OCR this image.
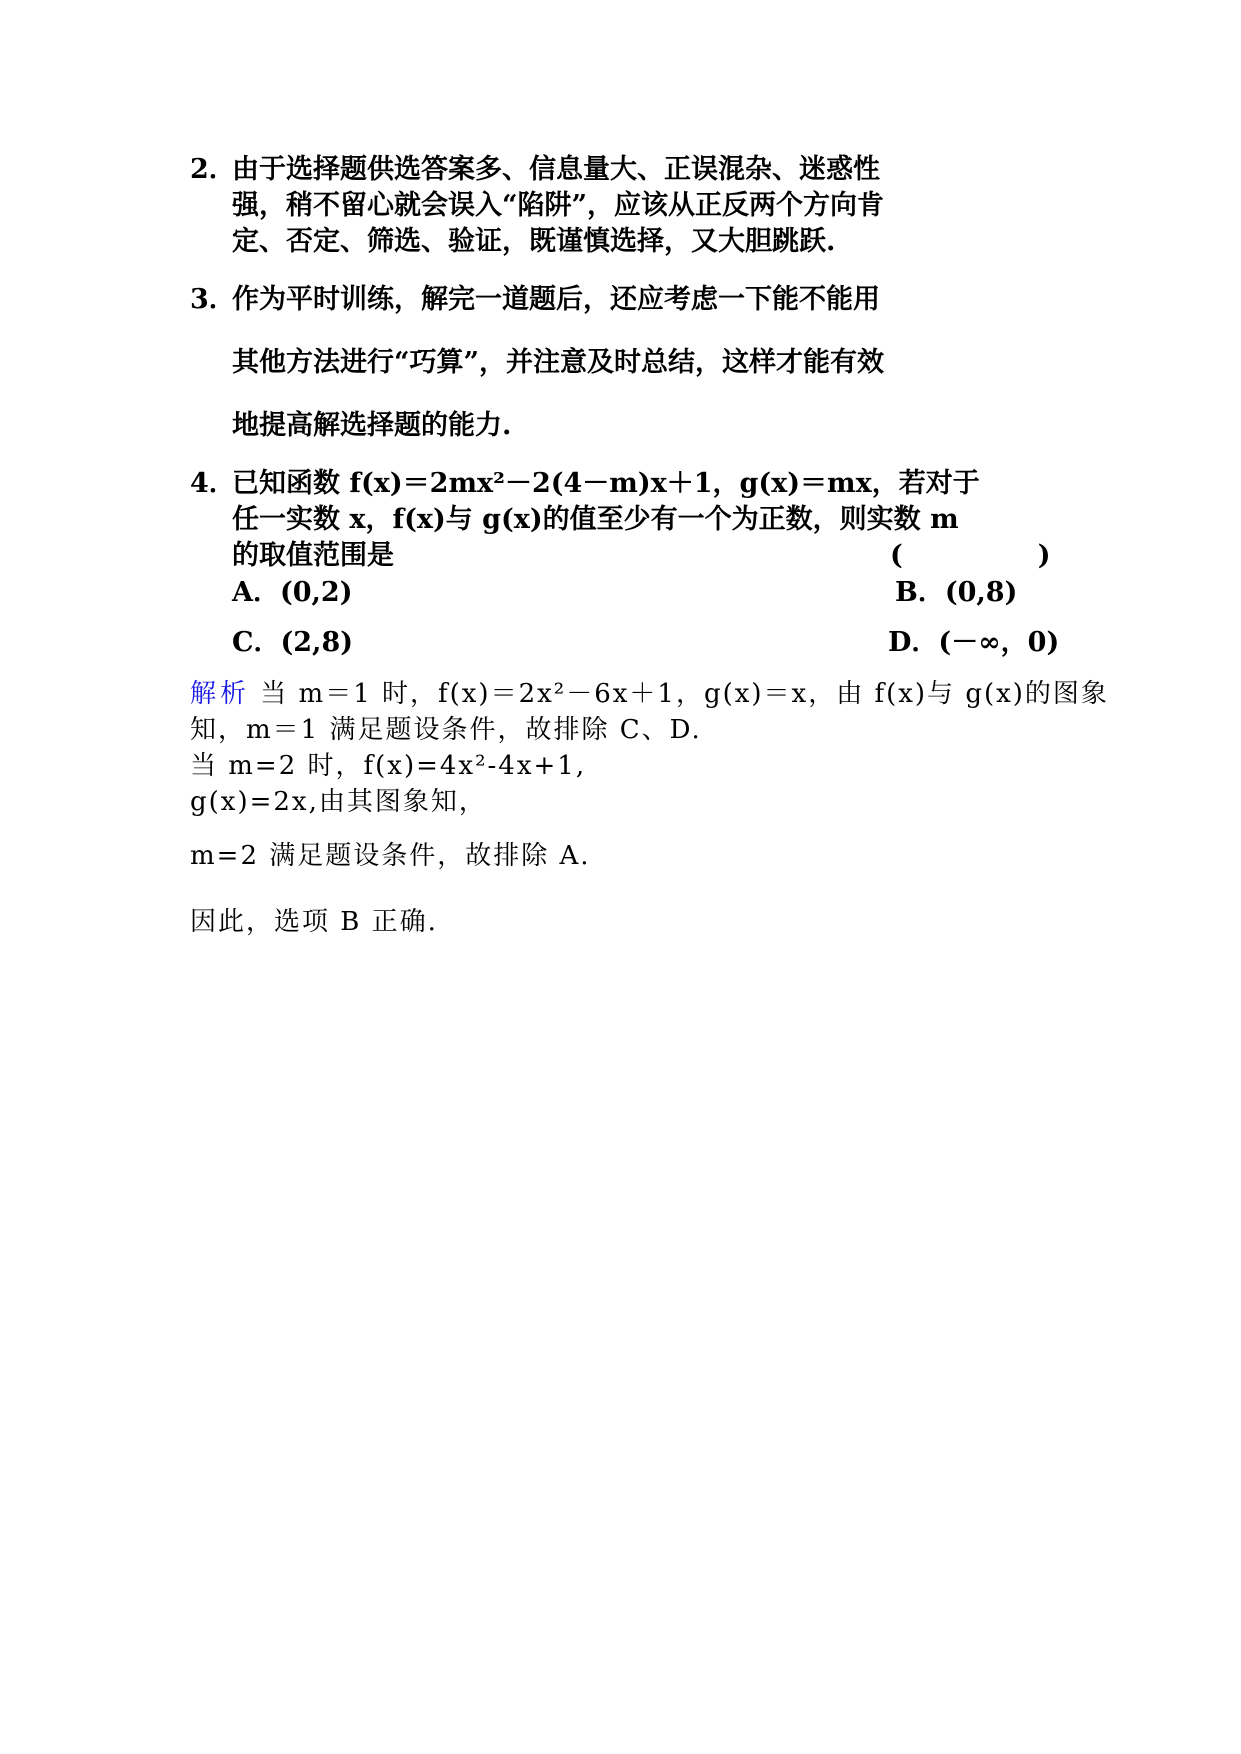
2．
由于选择题供选答案多、信息量大、正误混杂、迷惑性
强，稍不留心就会误入“陷阱”，应该从正反两个方向肯
定、否定、筛选、验证，既谨慎选择，又大胆跳跃.
3．
作为平时训练，解完一道题后，还应考虑一下能不能用
其他方法进行“巧算”，并注意及时总结，这样才能有效
地提高解选择题的能力.
4．
已知函数 f(x)＝2mx²－2(4－m)x＋1，g(x)＝mx，若对于
任一实数 x，f(x)与 g(x)的值至少有一个为正数，则实数 m
的取值范围是	(　　　　　)
A．(0,2)	B．(0,8)
C．(2,8)	D．(－∞，0)
解析 当 m＝1 时，f(x)＝2x²－6x＋1，g(x)＝x，由 f(x)与 g(x)的图象
知，m＝1 满足题设条件，故排除 C、D.
当 m=2 时，f(x)=4x²-4x+1,
g(x)=2x,由其图象知，
m=2 满足题设条件，故排除 A.
因此，选项 B 正确.
